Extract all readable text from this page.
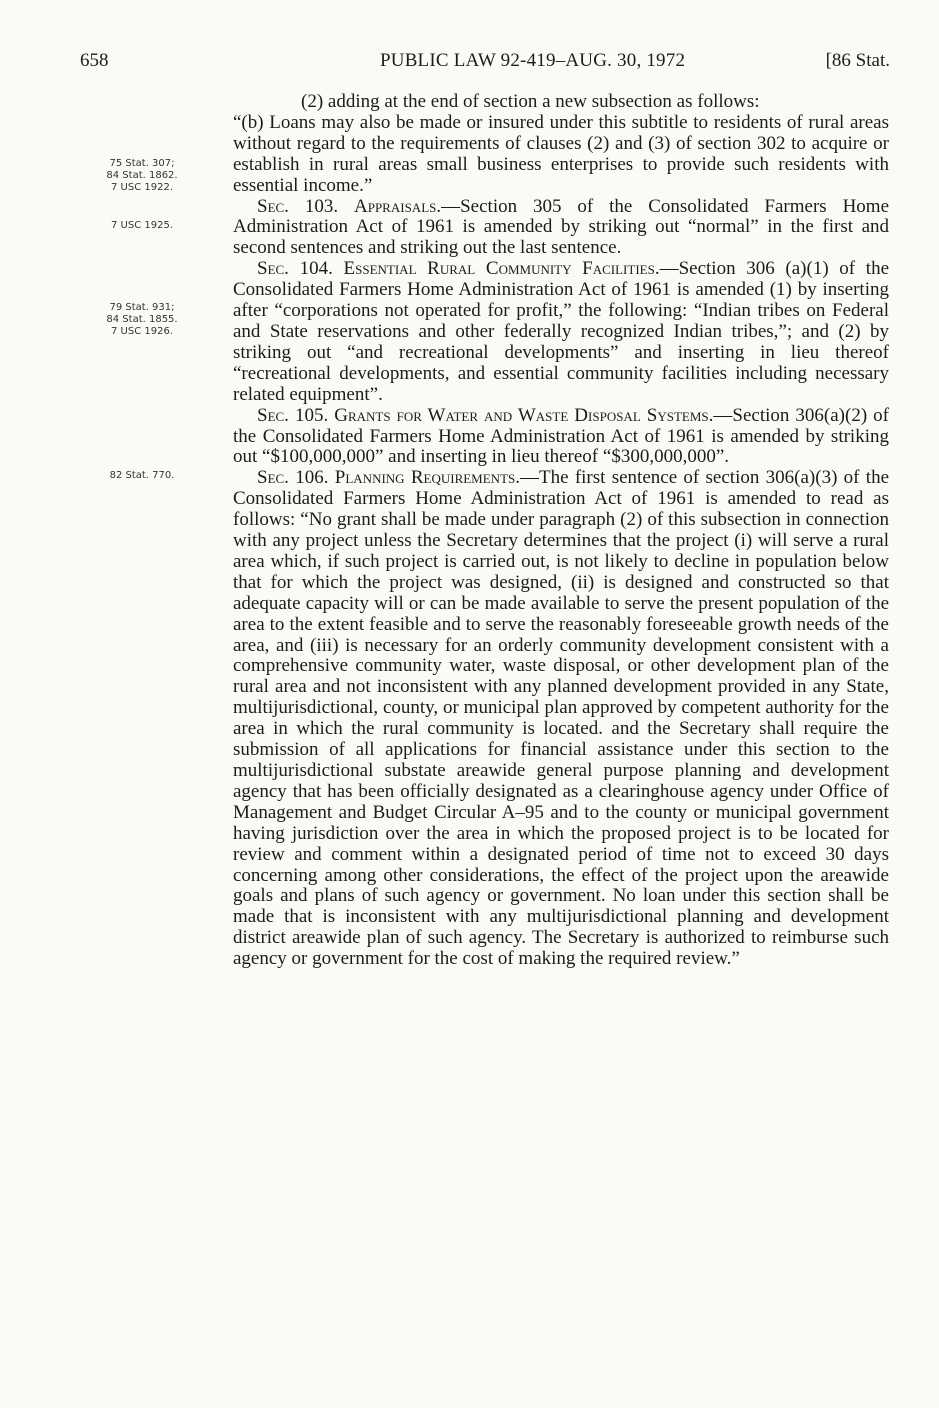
658	PUBLIC LAW 92-419–AUG. 30, 1972	[86 Stat.
75 Stat. 307;
84 Stat. 1862.
7 USC 1922.
7 USC 1925.
79 Stat. 931;
84 Stat. 1855.
7 USC 1926.
82 Stat. 770.

(2) adding at the end of section a new subsection as follows:

“(b) Loans may also be made or insured under this subtitle to residents of rural areas without regard to the requirements of clauses (2) and (3) of section 302 to acquire or establish in rural areas small business enterprises to provide such residents with essential income.”

Sec. 103. Appraisals.—Section 305 of the Consolidated Farmers Home Administration Act of 1961 is amended by striking out “normal” in the first and second sentences and striking out the last sentence.

Sec. 104. Essential Rural Community Facilities.—Section 306 (a)(1) of the Consolidated Farmers Home Administration Act of 1961 is amended (1) by inserting after “corporations not operated for profit,” the following: “Indian tribes on Federal and State reservations and other federally recognized Indian tribes,”; and (2) by striking out “and recreational developments” and inserting in lieu thereof “recreational developments, and essential community facilities including necessary related equipment”.

Sec. 105. Grants for Water and Waste Disposal Systems.—Section 306(a)(2) of the Consolidated Farmers Home Administration Act of 1961 is amended by striking out “$100,000,000” and inserting in lieu thereof “$300,000,000”.

Sec. 106. Planning Requirements.—The first sentence of section 306(a)(3) of the Consolidated Farmers Home Administration Act of 1961 is amended to read as follows: “No grant shall be made under paragraph (2) of this subsection in connection with any project unless the Secretary determines that the project (i) will serve a rural area which, if such project is carried out, is not likely to decline in population below that for which the project was designed, (ii) is designed and constructed so that adequate capacity will or can be made available to serve the present population of the area to the extent feasible and to serve the reasonably foreseeable growth needs of the area, and (iii) is necessary for an orderly community development consistent with a comprehensive community water, waste disposal, or other development plan of the rural area and not inconsistent with any planned development provided in any State, multijurisdictional, county, or municipal plan approved by competent authority for the area in which the rural community is located. and the Secretary shall require the submission of all applications for financial assistance under this section to the multijurisdictional substate areawide general purpose planning and development agency that has been officially designated as a clearinghouse agency under Office of Management and Budget Circular A–95 and to the county or municipal government having jurisdiction over the area in which the proposed project is to be located for review and comment within a designated period of time not to exceed 30 days concerning among other considerations, the effect of the project upon the areawide goals and plans of such agency or government. No loan under this section shall be made that is inconsistent with any multijurisdictional planning and development district areawide plan of such agency. The Secretary is authorized to reimburse such agency or government for the cost of making the required review.”
